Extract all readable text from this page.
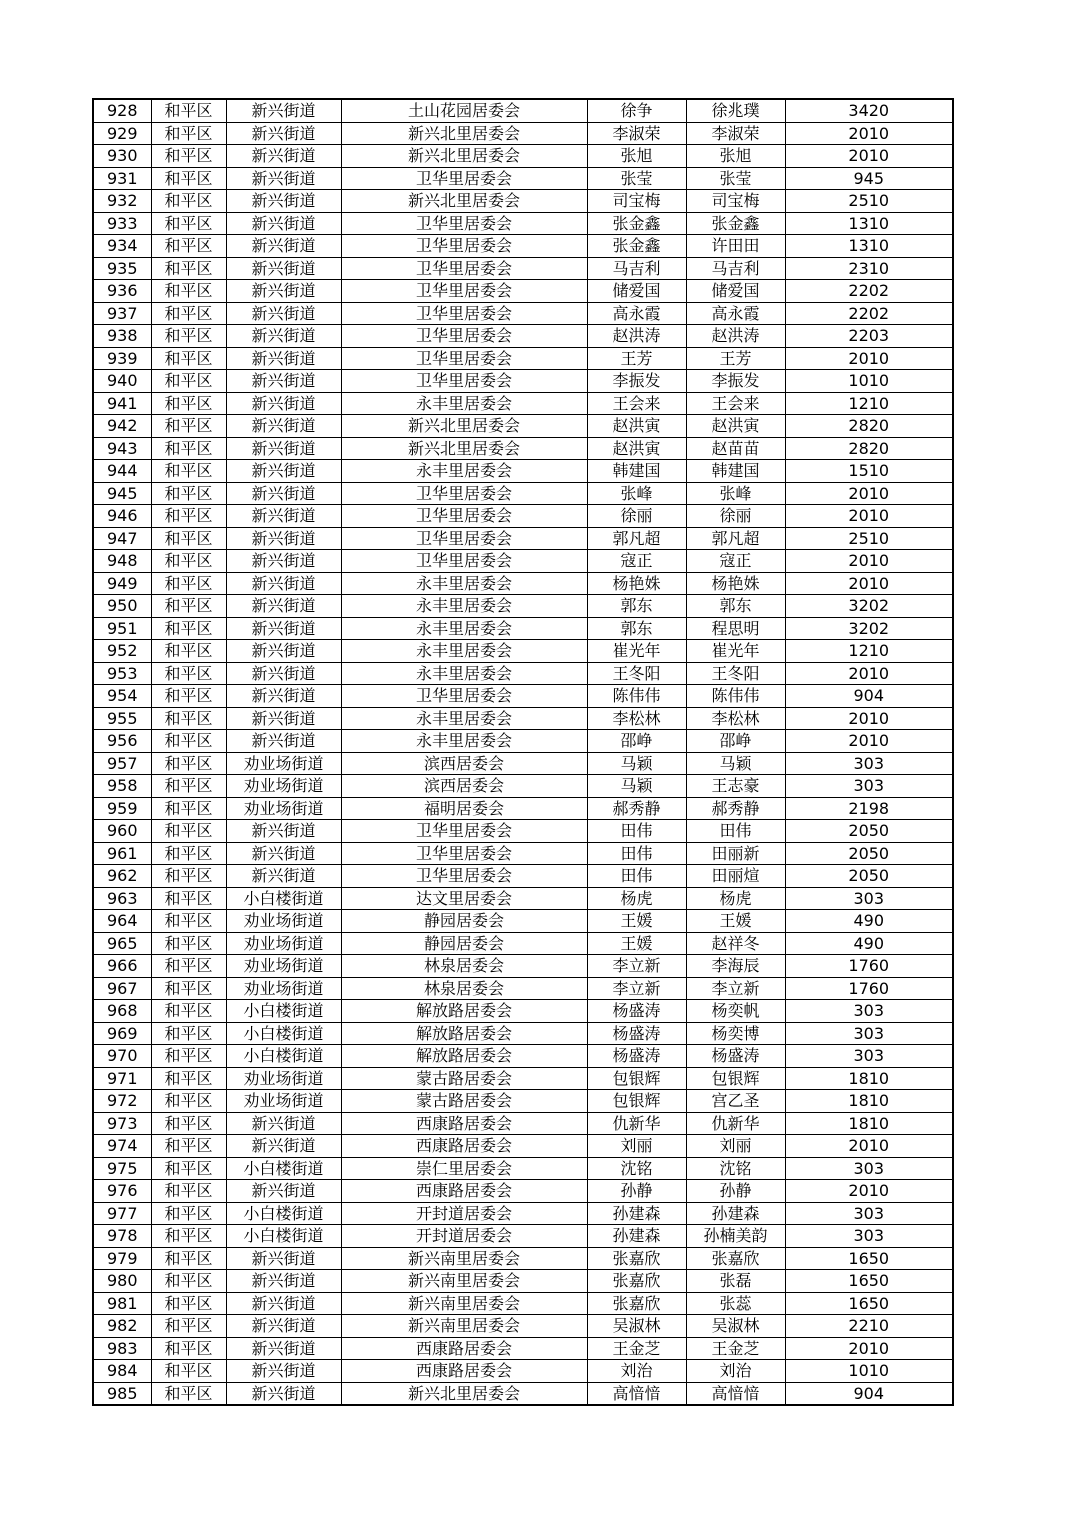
928	和平区	新兴街道	土山花园居委会	徐争	徐兆璞	3420
929	和平区	新兴街道	新兴北里居委会	李淑荣	李淑荣	2010
930	和平区	新兴街道	新兴北里居委会	张旭	张旭	2010
931	和平区	新兴街道	卫华里居委会	张莹	张莹	945
932	和平区	新兴街道	新兴北里居委会	司宝梅	司宝梅	2510
933	和平区	新兴街道	卫华里居委会	张金鑫	张金鑫	1310
934	和平区	新兴街道	卫华里居委会	张金鑫	许田田	1310
935	和平区	新兴街道	卫华里居委会	马吉利	马吉利	2310
936	和平区	新兴街道	卫华里居委会	储爱国	储爱国	2202
937	和平区	新兴街道	卫华里居委会	高永霞	高永霞	2202
938	和平区	新兴街道	卫华里居委会	赵洪涛	赵洪涛	2203
939	和平区	新兴街道	卫华里居委会	王芳	王芳	2010
940	和平区	新兴街道	卫华里居委会	李振发	李振发	1010
941	和平区	新兴街道	永丰里居委会	王会来	王会来	1210
942	和平区	新兴街道	新兴北里居委会	赵洪寅	赵洪寅	2820
943	和平区	新兴街道	新兴北里居委会	赵洪寅	赵苗苗	2820
944	和平区	新兴街道	永丰里居委会	韩建国	韩建国	1510
945	和平区	新兴街道	卫华里居委会	张峰	张峰	2010
946	和平区	新兴街道	卫华里居委会	徐丽	徐丽	2010
947	和平区	新兴街道	卫华里居委会	郭凡超	郭凡超	2510
948	和平区	新兴街道	卫华里居委会	寇正	寇正	2010
949	和平区	新兴街道	永丰里居委会	杨艳姝	杨艳姝	2010
950	和平区	新兴街道	永丰里居委会	郭东	郭东	3202
951	和平区	新兴街道	永丰里居委会	郭东	程思明	3202
952	和平区	新兴街道	永丰里居委会	崔光年	崔光年	1210
953	和平区	新兴街道	永丰里居委会	王冬阳	王冬阳	2010
954	和平区	新兴街道	卫华里居委会	陈伟伟	陈伟伟	904
955	和平区	新兴街道	永丰里居委会	李松林	李松林	2010
956	和平区	新兴街道	永丰里居委会	邵峥	邵峥	2010
957	和平区	劝业场街道	滨西居委会	马颖	马颖	303
958	和平区	劝业场街道	滨西居委会	马颖	王志豪	303
959	和平区	劝业场街道	福明居委会	郝秀静	郝秀静	2198
960	和平区	新兴街道	卫华里居委会	田伟	田伟	2050
961	和平区	新兴街道	卫华里居委会	田伟	田丽新	2050
962	和平区	新兴街道	卫华里居委会	田伟	田丽煊	2050
963	和平区	小白楼街道	达文里居委会	杨虎	杨虎	303
964	和平区	劝业场街道	静园居委会	王媛	王媛	490
965	和平区	劝业场街道	静园居委会	王媛	赵祥冬	490
966	和平区	劝业场街道	林泉居委会	李立新	李海辰	1760
967	和平区	劝业场街道	林泉居委会	李立新	李立新	1760
968	和平区	小白楼街道	解放路居委会	杨盛涛	杨奕帆	303
969	和平区	小白楼街道	解放路居委会	杨盛涛	杨奕博	303
970	和平区	小白楼街道	解放路居委会	杨盛涛	杨盛涛	303
971	和平区	劝业场街道	蒙古路居委会	包银辉	包银辉	1810
972	和平区	劝业场街道	蒙古路居委会	包银辉	宫乙圣	1810
973	和平区	新兴街道	西康路居委会	仇新华	仇新华	1810
974	和平区	新兴街道	西康路居委会	刘丽	刘丽	2010
975	和平区	小白楼街道	崇仁里居委会	沈铭	沈铭	303
976	和平区	新兴街道	西康路居委会	孙静	孙静	2010
977	和平区	小白楼街道	开封道居委会	孙建森	孙建森	303
978	和平区	小白楼街道	开封道居委会	孙建森	孙楠美韵	303
979	和平区	新兴街道	新兴南里居委会	张嘉欣	张嘉欣	1650
980	和平区	新兴街道	新兴南里居委会	张嘉欣	张磊	1650
981	和平区	新兴街道	新兴南里居委会	张嘉欣	张蕊	1650
982	和平区	新兴街道	新兴南里居委会	吴淑林	吴淑林	2210
983	和平区	新兴街道	西康路居委会	王金芝	王金芝	2010
984	和平区	新兴街道	西康路居委会	刘治	刘治	1010
985	和平区	新兴街道	新兴北里居委会	高愔愔	高愔愔	904
